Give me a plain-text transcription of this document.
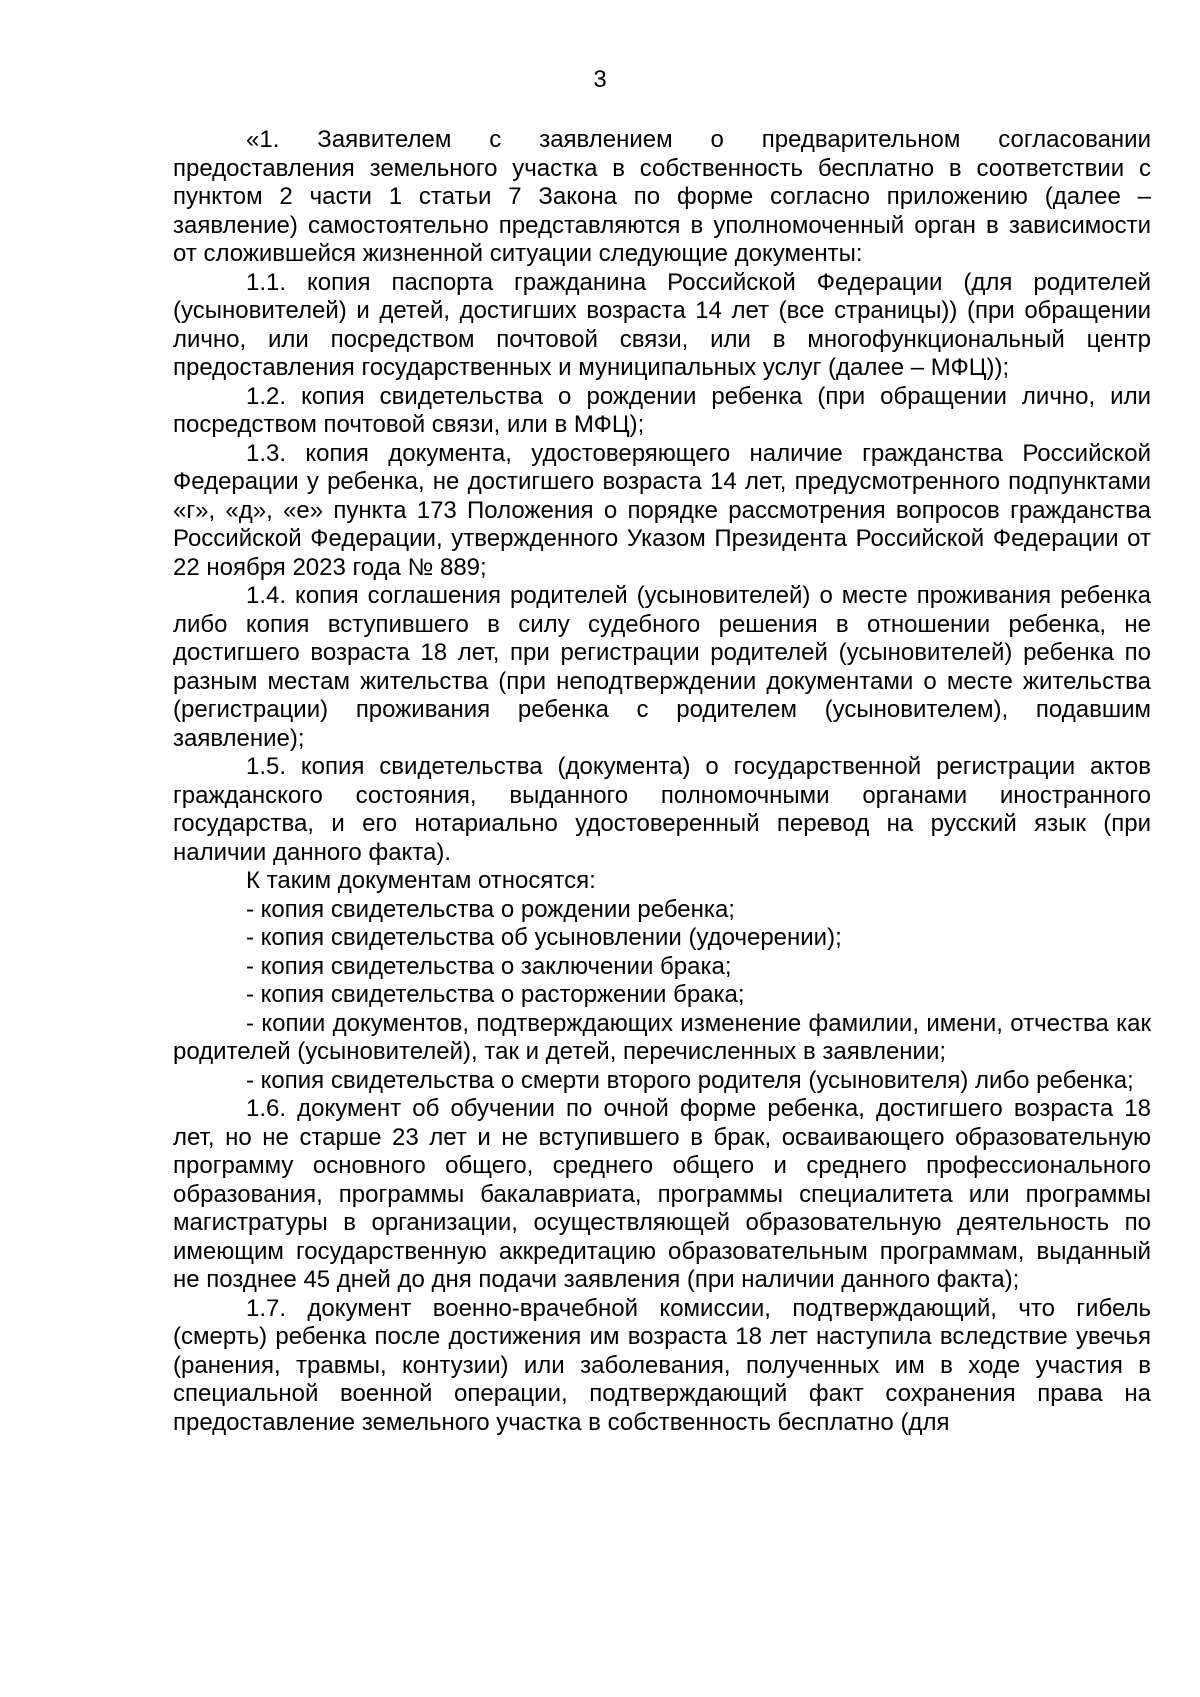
3

«1. Заявителем с заявлением о предварительном согласовании предоставления земельного участка в собственность бесплатно в соответствии с пунктом 2 части 1 статьи 7 Закона по форме согласно приложению (далее – заявление) самостоятельно представляются в уполномоченный орган в зависимости от сложившейся жизненной ситуации следующие документы:

1.1. копия паспорта гражданина Российской Федерации (для родителей (усыновителей) и детей, достигших возраста 14 лет (все страницы)) (при обращении лично, или посредством почтовой связи, или в многофункциональный центр предоставления государственных и муниципальных услуг (далее – МФЦ));

1.2. копия свидетельства о рождении ребенка (при обращении лично, или посредством почтовой связи, или в МФЦ);

1.3. копия документа, удостоверяющего наличие гражданства Российской Федерации у ребенка, не достигшего возраста 14 лет, предусмотренного подпунктами «г», «д», «е» пункта 173 Положения о порядке рассмотрения вопросов гражданства Российской Федерации, утвержденного Указом Президента Российской Федерации от 22 ноября 2023 года № 889;

1.4. копия соглашения родителей (усыновителей) о месте проживания ребенка либо копия вступившего в силу судебного решения в отношении ребенка, не достигшего возраста 18 лет, при регистрации родителей (усыновителей) ребенка по разным местам жительства (при неподтверждении документами о месте жительства (регистрации) проживания ребенка с родителем (усыновителем), подавшим заявление);

1.5. копия свидетельства (документа) о государственной регистрации актов гражданского состояния, выданного полномочными органами иностранного государства, и его нотариально удостоверенный перевод на русский язык (при наличии данного факта).

К таким документам относятся:

- копия свидетельства о рождении ребенка;

- копия свидетельства об усыновлении (удочерении);

- копия свидетельства о заключении брака;

- копия свидетельства о расторжении брака;

- копии документов, подтверждающих изменение фамилии, имени, отчества как родителей (усыновителей), так и детей, перечисленных в заявлении;

- копия свидетельства о смерти второго родителя (усыновителя) либо ребенка;

1.6. документ об обучении по очной форме ребенка, достигшего возраста 18 лет, но не старше 23 лет и не вступившего в брак, осваивающего образовательную программу основного общего, среднего общего и среднего профессионального образования, программы бакалавриата, программы специалитета или программы магистратуры в организации, осуществляющей образовательную деятельность по имеющим государственную аккредитацию образовательным программам, выданный не позднее 45 дней до дня подачи заявления (при наличии данного факта);

1.7. документ военно-врачебной комиссии, подтверждающий, что гибель (смерть) ребенка после достижения им возраста 18 лет наступила вследствие увечья (ранения, травмы, контузии) или заболевания, полученных им в ходе участия в специальной военной операции, подтверждающий факт сохранения права на предоставление земельного участка в собственность бесплатно (для
